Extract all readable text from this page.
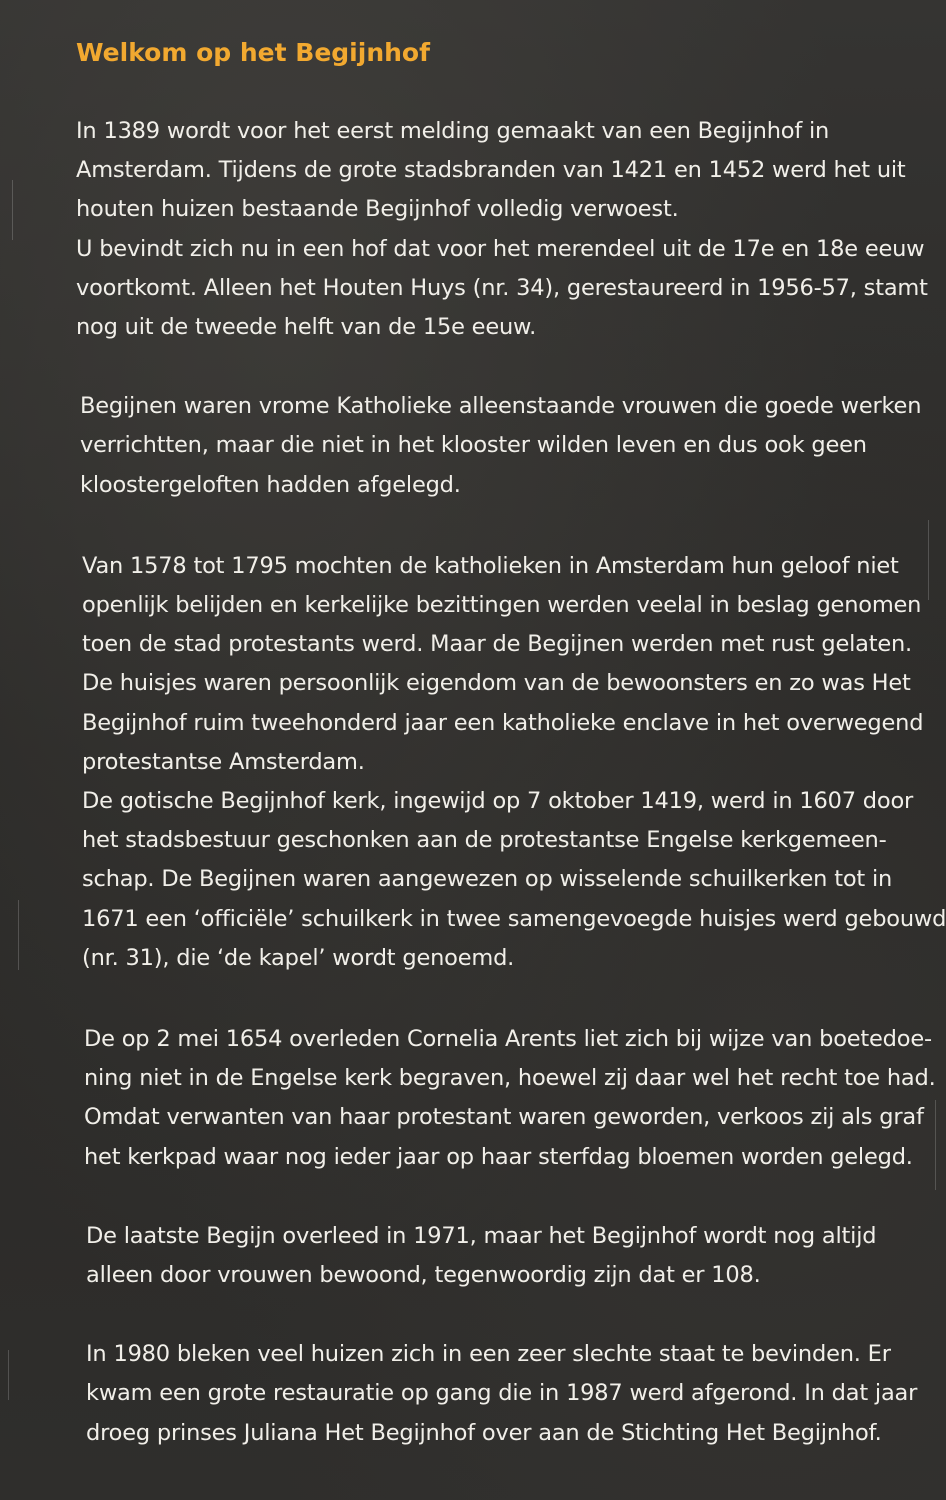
Welkom op het Begijnhof
In 1389 wordt voor het eerst melding gemaakt van een Begijnhof in
Amsterdam. Tijdens de grote stadsbranden van 1421 en 1452 werd het uit
houten huizen bestaande Begijnhof volledig verwoest.
U bevindt zich nu in een hof dat voor het merendeel uit de 17e en 18e eeuw
voortkomt. Alleen het Houten Huys (nr. 34), gerestaureerd in 1956-57, stamt
nog uit de tweede helft van de 15e eeuw.
Begijnen waren vrome Katholieke alleenstaande vrouwen die goede werken
verrichtten, maar die niet in het klooster wilden leven en dus ook geen
kloostergeloften hadden afgelegd.
Van 1578 tot 1795 mochten de katholieken in Amsterdam hun geloof niet
openlijk belijden en kerkelijke bezittingen werden veelal in beslag genomen
toen de stad protestants werd. Maar de Begijnen werden met rust gelaten.
De huisjes waren persoonlijk eigendom van de bewoonsters en zo was Het
Begijnhof ruim tweehonderd jaar een katholieke enclave in het overwegend
protestantse Amsterdam.
De gotische Begijnhof kerk, ingewijd op 7 oktober 1419, werd in 1607 door
het stadsbestuur geschonken aan de protestantse Engelse kerkgemeen-
schap. De Begijnen waren aangewezen op wisselende schuilkerken tot in
1671 een ‘officiële’ schuilkerk in twee samengevoegde huisjes werd gebouwd
(nr. 31), die ‘de kapel’ wordt genoemd.
De op 2 mei 1654 overleden Cornelia Arents liet zich bij wijze van boetedoe-
ning niet in de Engelse kerk begraven, hoewel zij daar wel het recht toe had.
Omdat verwanten van haar protestant waren geworden, verkoos zij als graf
het kerkpad waar nog ieder jaar op haar sterfdag bloemen worden gelegd.
De laatste Begijn overleed in 1971, maar het Begijnhof wordt nog altijd
alleen door vrouwen bewoond, tegenwoordig zijn dat er 108.
In 1980 bleken veel huizen zich in een zeer slechte staat te bevinden. Er
kwam een grote restauratie op gang die in 1987 werd afgerond. In dat jaar
droeg prinses Juliana Het Begijnhof over aan de Stichting Het Begijnhof.
